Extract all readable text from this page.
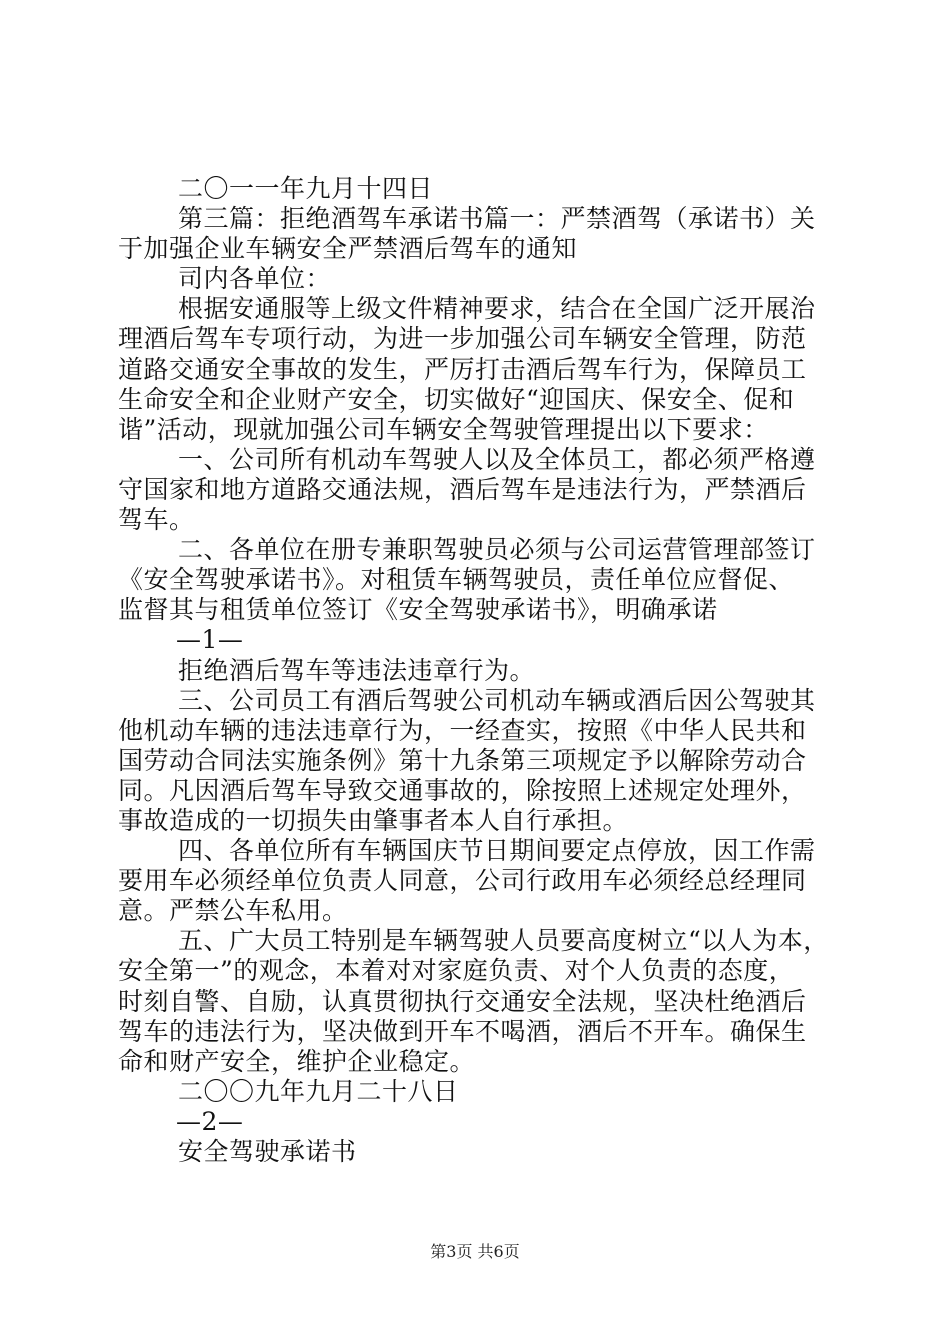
二〇一一年九月十四日

第三篇：拒绝酒驾车承诺书篇一：严禁酒驾（承诺书）关

于加强企业车辆安全严禁酒后驾车的通知

司内各单位：

根据安通服等上级文件精神要求，结合在全国广泛开展治

理酒后驾车专项行动，为进一步加强公司车辆安全管理，防范

道路交通安全事故的发生，严厉打击酒后驾车行为，保障员工

生命安全和企业财产安全，切实做好“迎国庆、保安全、促和

谐”活动，现就加强公司车辆安全驾驶管理提出以下要求：

一、公司所有机动车驾驶人以及全体员工，都必须严格遵

守国家和地方道路交通法规，酒后驾车是违法行为，严禁酒后

驾车。

二、各单位在册专兼职驾驶员必须与公司运营管理部签订

《安全驾驶承诺书》。对租赁车辆驾驶员，责任单位应督促、

监督其与租赁单位签订《安全驾驶承诺书》，明确承诺

—1—

拒绝酒后驾车等违法违章行为。

三、公司员工有酒后驾驶公司机动车辆或酒后因公驾驶其

他机动车辆的违法违章行为，一经查实，按照《中华人民共和

国劳动合同法实施条例》第十九条第三项规定予以解除劳动合

同。凡因酒后驾车导致交通事故的，除按照上述规定处理外，

事故造成的一切损失由肇事者本人自行承担。

四、各单位所有车辆国庆节日期间要定点停放，因工作需

要用车必须经单位负责人同意，公司行政用车必须经总经理同

意。严禁公车私用。

五、广大员工特别是车辆驾驶人员要高度树立“以人为本，

安全第一”的观念，本着对对家庭负责、对个人负责的态度，

时刻自警、自励，认真贯彻执行交通安全法规，坚决杜绝酒后

驾车的违法行为，坚决做到开车不喝酒，酒后不开车。确保生

命和财产安全，维护企业稳定。

二〇〇九年九月二十八日

—2—

安全驾驶承诺书

第3页 共6页
